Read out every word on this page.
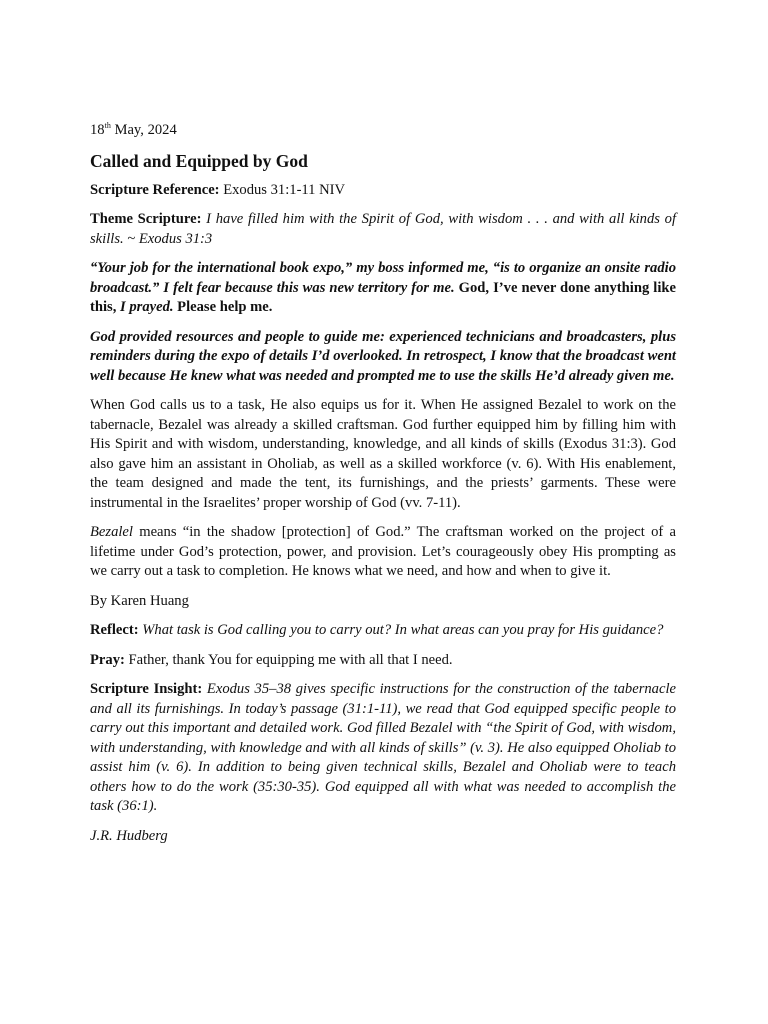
18th May, 2024

Called and Equipped by God

Scripture Reference: Exodus 31:1-11 NIV

Theme Scripture: I have filled him with the Spirit of God, with wisdom . . . and with all kinds of skills. ~ Exodus 31:3

“Your job for the international book expo,” my boss informed me, “is to organize an onsite radio broadcast.” I felt fear because this was new territory for me. God, I’ve never done anything like this, I prayed. Please help me.

God provided resources and people to guide me: experienced technicians and broadcasters, plus reminders during the expo of details I’d overlooked. In retrospect, I know that the broadcast went well because He knew what was needed and prompted me to use the skills He’d already given me.

When God calls us to a task, He also equips us for it. When He assigned Bezalel to work on the tabernacle, Bezalel was already a skilled craftsman. God further equipped him by filling him with His Spirit and with wisdom, understanding, knowledge, and all kinds of skills (Exodus 31:3). God also gave him an assistant in Oholiab, as well as a skilled workforce (v. 6). With His enablement, the team designed and made the tent, its furnishings, and the priests’ garments. These were instrumental in the Israelites’ proper worship of God (vv. 7-11).

Bezalel means “in the shadow [protection] of God.” The craftsman worked on the project of a lifetime under God’s protection, power, and provision. Let’s courageously obey His prompting as we carry out a task to completion. He knows what we need, and how and when to give it.

By Karen Huang

Reflect: What task is God calling you to carry out? In what areas can you pray for His guidance?

Pray: Father, thank You for equipping me with all that I need.

Scripture Insight: Exodus 35–38 gives specific instructions for the construction of the tabernacle and all its furnishings. In today’s passage (31:1-11), we read that God equipped specific people to carry out this important and detailed work. God filled Bezalel with “the Spirit of God, with wisdom, with understanding, with knowledge and with all kinds of skills” (v. 3). He also equipped Oholiab to assist him (v. 6). In addition to being given technical skills, Bezalel and Oholiab were to teach others how to do the work (35:30-35). God equipped all with what was needed to accomplish the task (36:1).

J.R. Hudberg
